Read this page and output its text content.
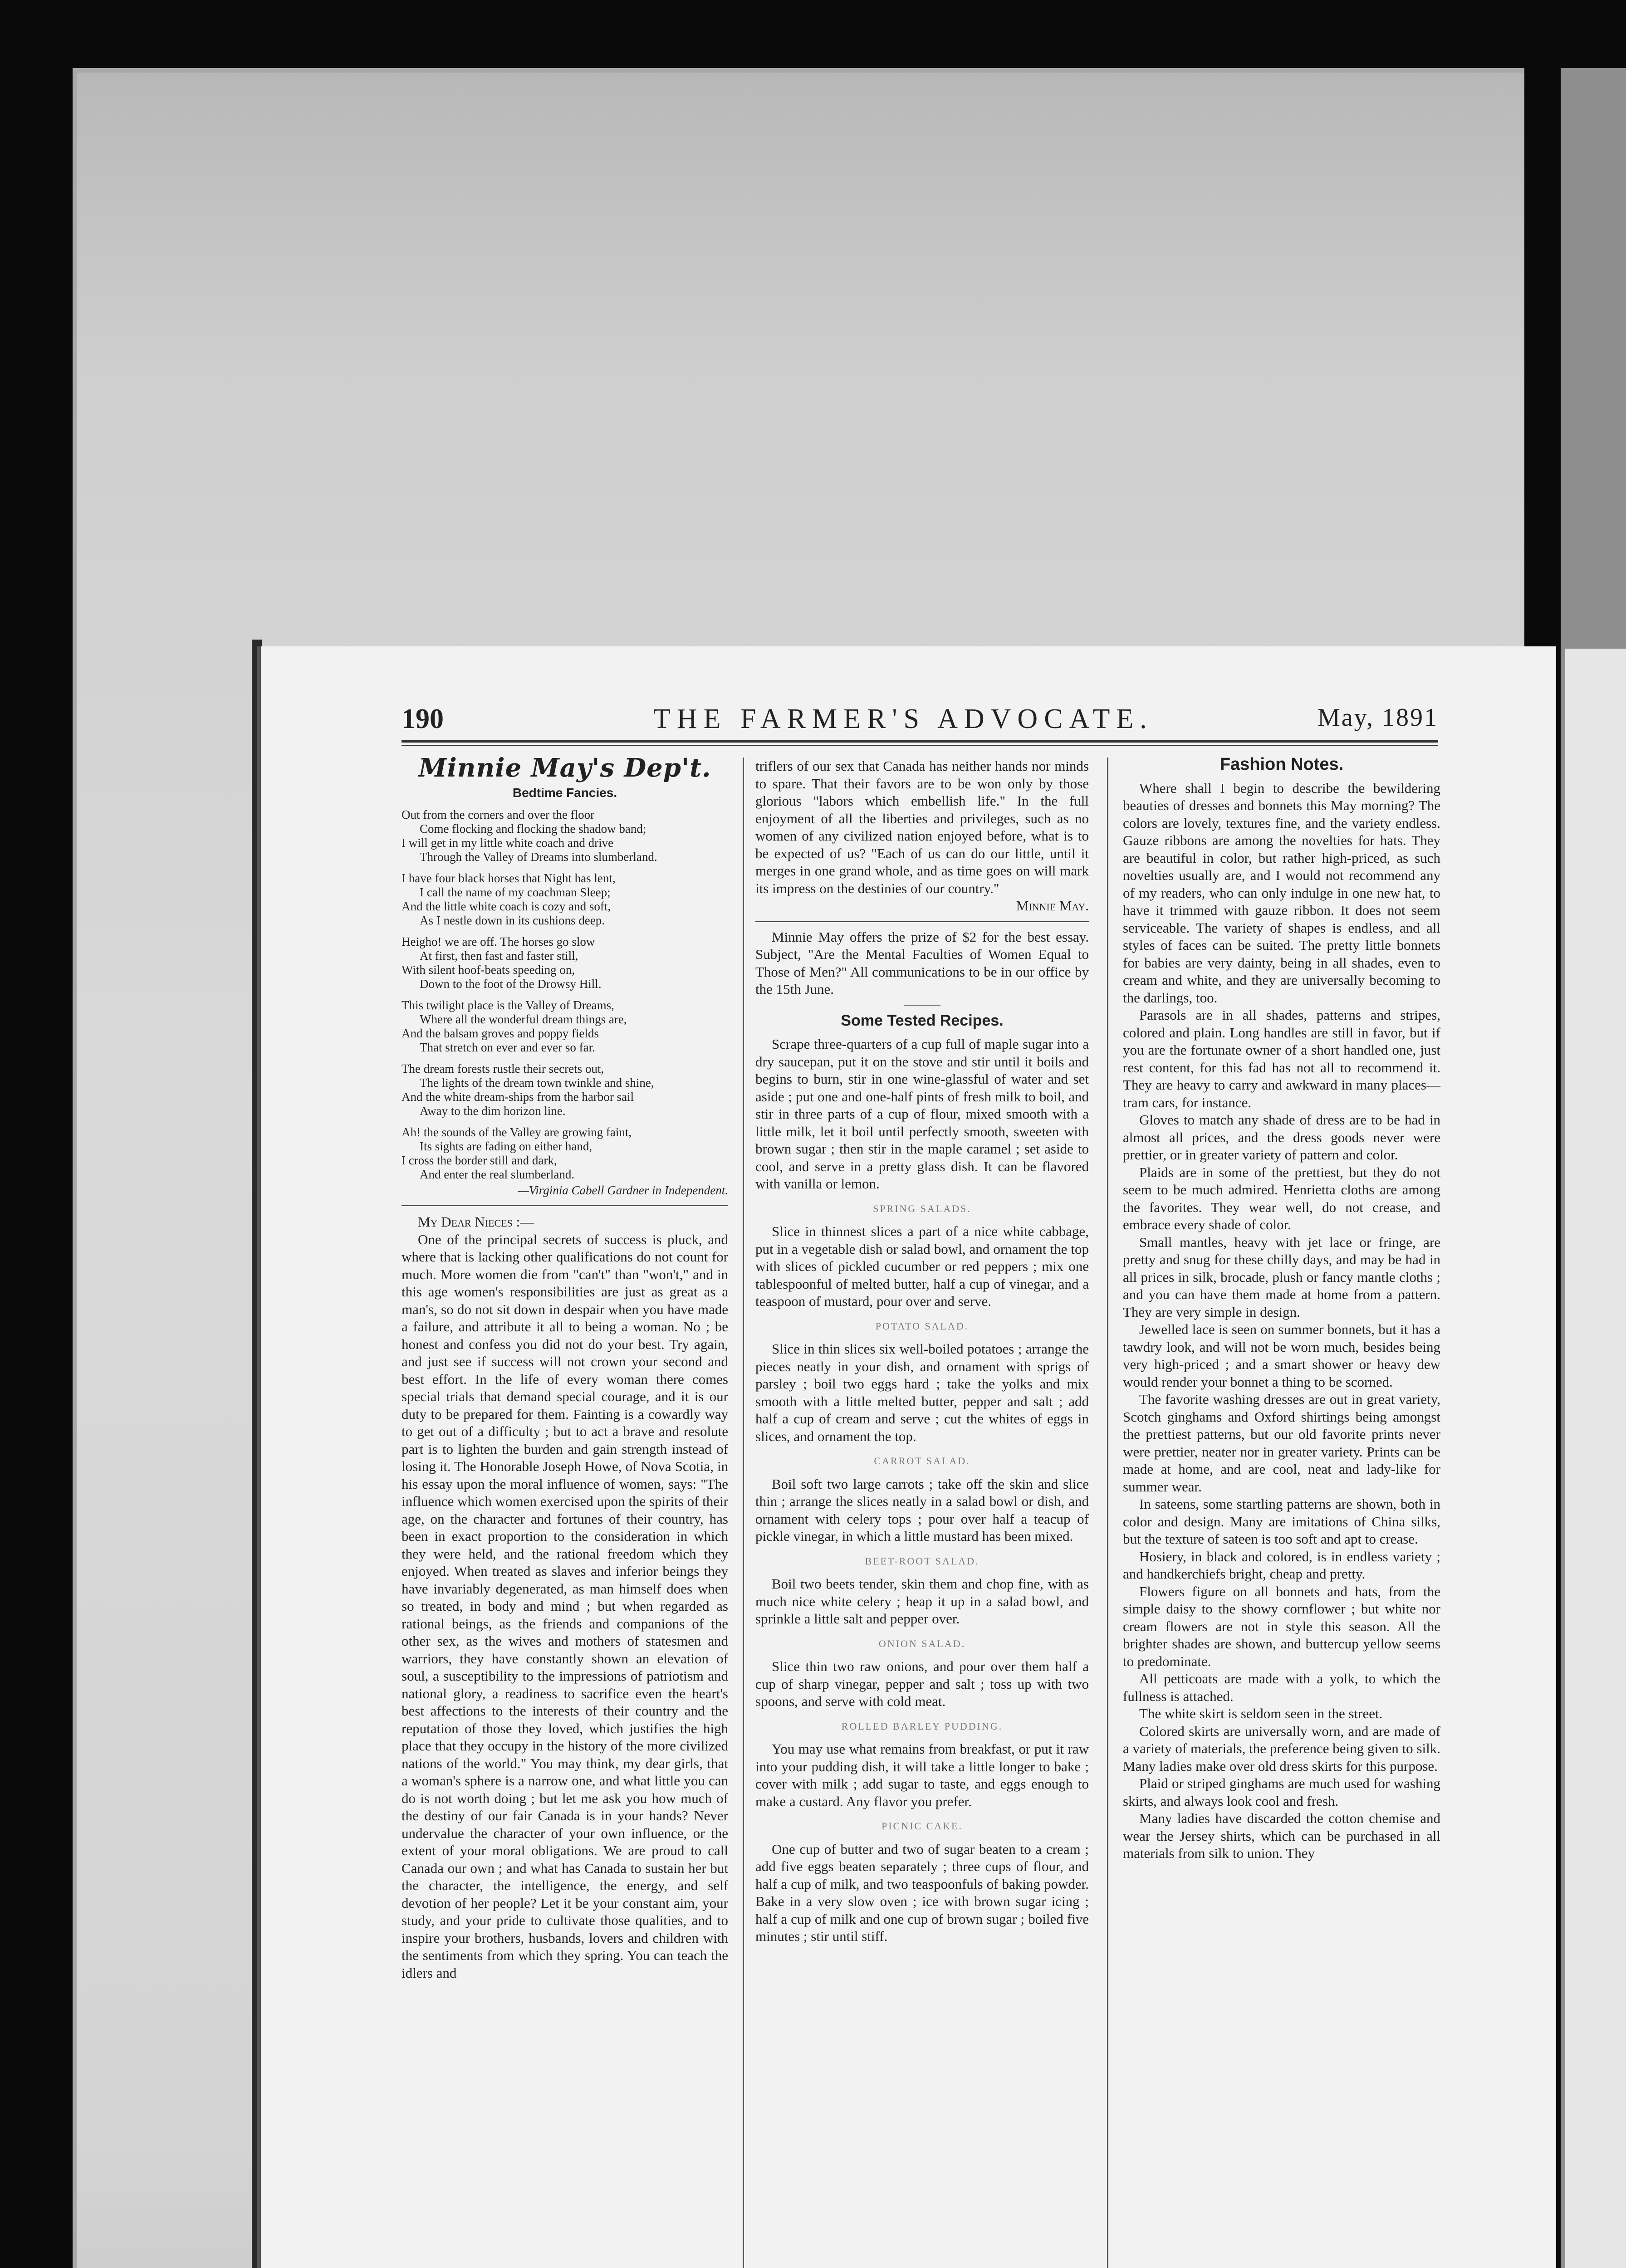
190	THE FARMER'S ADVOCATE.	May, 1891
Minnie May's Dep't.
Bedtime Fancies.
Out from the corners and over the floor
Come flocking and flocking the shadow band;
I will get in my little white coach and drive
Through the Valley of Dreams into slumberland.
I have four black horses that Night has lent,
I call the name of my coachman Sleep;
And the little white coach is cozy and soft,
As I nestle down in its cushions deep.
Heigho! we are off. The horses go slow
At first, then fast and faster still,
With silent hoof-beats speeding on,
Down to the foot of the Drowsy Hill.
This twilight place is the Valley of Dreams,
Where all the wonderful dream things are,
And the balsam groves and poppy fields
That stretch on ever and ever so far.
The dream forests rustle their secrets out,
The lights of the dream town twinkle and shine,
And the white dream-ships from the harbor sail
Away to the dim horizon line.
Ah! the sounds of the Valley are growing faint,
Its sights are fading on either hand,
I cross the border still and dark,
And enter the real slumberland.
—Virginia Cabell Gardner in Independent.

My Dear Nieces :—

One of the principal secrets of success is pluck, and where that is lacking other qualifications do not count for much. More women die from "can't" than "won't," and in this age women's responsibilities are just as great as a man's, so do not sit down in despair when you have made a failure, and attribute it all to being a woman. No ; be honest and confess you did not do your best. Try again, and just see if success will not crown your second and best effort. In the life of every woman there comes special trials that demand special courage, and it is our duty to be prepared for them. Fainting is a cowardly way to get out of a difficulty ; but to act a brave and resolute part is to lighten the burden and gain strength instead of losing it. The Honorable Joseph Howe, of Nova Scotia, in his essay upon the moral influence of women, says: "The influence which women exercised upon the spirits of their age, on the character and fortunes of their country, has been in exact proportion to the consideration in which they were held, and the rational freedom which they enjoyed. When treated as slaves and inferior beings they have invariably degenerated, as man himself does when so treated, in body and mind ; but when regarded as rational beings, as the friends and companions of the other sex, as the wives and mothers of statesmen and warriors, they have constantly shown an elevation of soul, a susceptibility to the impressions of patriotism and national glory, a readiness to sacrifice even the heart's best affections to the interests of their country and the reputation of those they loved, which justifies the high place that they occupy in the history of the more civilized nations of the world." You may think, my dear girls, that a woman's sphere is a narrow one, and what little you can do is not worth doing ; but let me ask you how much of the destiny of our fair Canada is in your hands? Never undervalue the character of your own influence, or the extent of your moral obligations. We are proud to call Canada our own ; and what has Canada to sustain her but the character, the intelligence, the energy, and self devotion of her people? Let it be your constant aim, your study, and your pride to cultivate those qualities, and to inspire your brothers, husbands, lovers and children with the sentiments from which they spring. You can teach the idlers and

triflers of our sex that Canada has neither hands nor minds to spare. That their favors are to be won only by those glorious "labors which embellish life." In the full enjoyment of all the liberties and privileges, such as no women of any civilized nation enjoyed before, what is to be expected of us? "Each of us can do our little, until it merges in one grand whole, and as time goes on will mark its impress on the destinies of our country."

Minnie May.

Minnie May offers the prize of $2 for the best essay. Subject, "Are the Mental Faculties of Women Equal to Those of Men?" All communications to be in our office by the 15th June.

Some Tested Recipes.

Scrape three-quarters of a cup full of maple sugar into a dry saucepan, put it on the stove and stir until it boils and begins to burn, stir in one wine-glassful of water and set aside ; put one and one-half pints of fresh milk to boil, and stir in three parts of a cup of flour, mixed smooth with a little milk, let it boil until perfectly smooth, sweeten with brown sugar ; then stir in the maple caramel ; set aside to cool, and serve in a pretty glass dish. It can be flavored with vanilla or lemon.

SPRING SALADS.

Slice in thinnest slices a part of a nice white cabbage, put in a vegetable dish or salad bowl, and ornament the top with slices of pickled cucumber or red peppers ; mix one tablespoonful of melted butter, half a cup of vinegar, and a teaspoon of mustard, pour over and serve.

POTATO SALAD.

Slice in thin slices six well-boiled potatoes ; arrange the pieces neatly in your dish, and ornament with sprigs of parsley ; boil two eggs hard ; take the yolks and mix smooth with a little melted butter, pepper and salt ; add half a cup of cream and serve ; cut the whites of eggs in slices, and ornament the top.

CARROT SALAD.

Boil soft two large carrots ; take off the skin and slice thin ; arrange the slices neatly in a salad bowl or dish, and ornament with celery tops ; pour over half a teacup of pickle vinegar, in which a little mustard has been mixed.

BEET-ROOT SALAD.

Boil two beets tender, skin them and chop fine, with as much nice white celery ; heap it up in a salad bowl, and sprinkle a little salt and pepper over.

ONION SALAD.

Slice thin two raw onions, and pour over them half a cup of sharp vinegar, pepper and salt ; toss up with two spoons, and serve with cold meat.

ROLLED BARLEY PUDDING.

You may use what remains from breakfast, or put it raw into your pudding dish, it will take a little longer to bake ; cover with milk ; add sugar to taste, and eggs enough to make a custard. Any flavor you prefer.

PICNIC CAKE.

One cup of butter and two of sugar beaten to a cream ; add five eggs beaten separately ; three cups of flour, and half a cup of milk, and two teaspoonfuls of baking powder. Bake in a very slow oven ; ice with brown sugar icing ; half a cup of milk and one cup of brown sugar ; boiled five minutes ; stir until stiff.

Fashion Notes.

Where shall I begin to describe the bewildering beauties of dresses and bonnets this May morning? The colors are lovely, textures fine, and the variety endless. Gauze ribbons are among the novelties for hats. They are beautiful in color, but rather high-priced, as such novelties usually are, and I would not recommend any of my readers, who can only indulge in one new hat, to have it trimmed with gauze ribbon. It does not seem serviceable. The variety of shapes is endless, and all styles of faces can be suited. The pretty little bonnets for babies are very dainty, being in all shades, even to cream and white, and they are universally becoming to the darlings, too.

Parasols are in all shades, patterns and stripes, colored and plain. Long handles are still in favor, but if you are the fortunate owner of a short handled one, just rest content, for this fad has not all to recommend it. They are heavy to carry and awkward in many places—tram cars, for instance.

Gloves to match any shade of dress are to be had in almost all prices, and the dress goods never were prettier, or in greater variety of pattern and color.

Plaids are in some of the prettiest, but they do not seem to be much admired. Henrietta cloths are among the favorites. They wear well, do not crease, and embrace every shade of color.

Small mantles, heavy with jet lace or fringe, are pretty and snug for these chilly days, and may be had in all prices in silk, brocade, plush or fancy mantle cloths ; and you can have them made at home from a pattern. They are very simple in design.

Jewelled lace is seen on summer bonnets, but it has a tawdry look, and will not be worn much, besides being very high-priced ; and a smart shower or heavy dew would render your bonnet a thing to be scorned.

The favorite washing dresses are out in great variety, Scotch ginghams and Oxford shirtings being amongst the prettiest patterns, but our old favorite prints never were prettier, neater nor in greater variety. Prints can be made at home, and are cool, neat and lady-like for summer wear.

In sateens, some startling patterns are shown, both in color and design. Many are imitations of China silks, but the texture of sateen is too soft and apt to crease.

Hosiery, in black and colored, is in endless variety ; and handkerchiefs bright, cheap and pretty.

Flowers figure on all bonnets and hats, from the simple daisy to the showy cornflower ; but white nor cream flowers are not in style this season. All the brighter shades are shown, and buttercup yellow seems to predominate.

All petticoats are made with a yolk, to which the fullness is attached.

The white skirt is seldom seen in the street.

Colored skirts are universally worn, and are made of a variety of materials, the preference being given to silk. Many ladies make over old dress skirts for this purpose.

Plaid or striped ginghams are much used for washing skirts, and always look cool and fresh.

Many ladies have discarded the cotton chemise and wear the Jersey shirts, which can be purchased in all materials from silk to union. They
